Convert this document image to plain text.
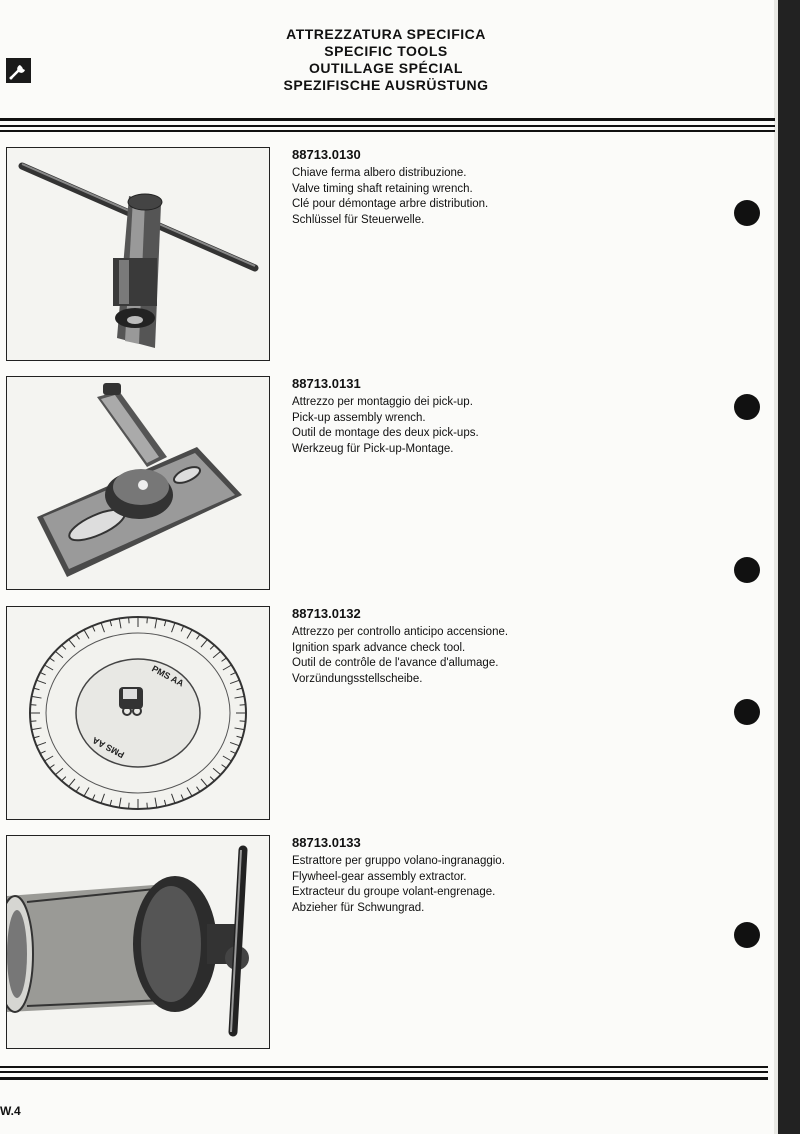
ATTREZZATURA SPECIFICA
SPECIFIC TOOLS
OUTILLAGE SPÉCIAL
SPEZIFISCHE AUSRÜSTUNG
88713.0130
Chiave ferma albero distribuzione.
Valve timing shaft retaining wrench.
Clé pour démontage arbre distribution.
Schlüssel für Steuerwelle.
88713.0131
Attrezzo per montaggio dei pick-up.
Pick-up assembly wrench.
Outil de montage des deux pick-ups.
Werkzeug für Pick-up-Montage.
PMS AA
PMS AA
88713.0132
Attrezzo per controllo anticipo accensione.
Ignition spark advance check tool.
Outil de contrôle de l'avance d'allumage.
Vorzündungsstellscheibe.
88713.0133
Estrattore per gruppo volano-ingranaggio.
Flywheel-gear assembly extractor.
Extracteur du groupe volant-engrenage.
Abzieher für Schwungrad.
W.4
